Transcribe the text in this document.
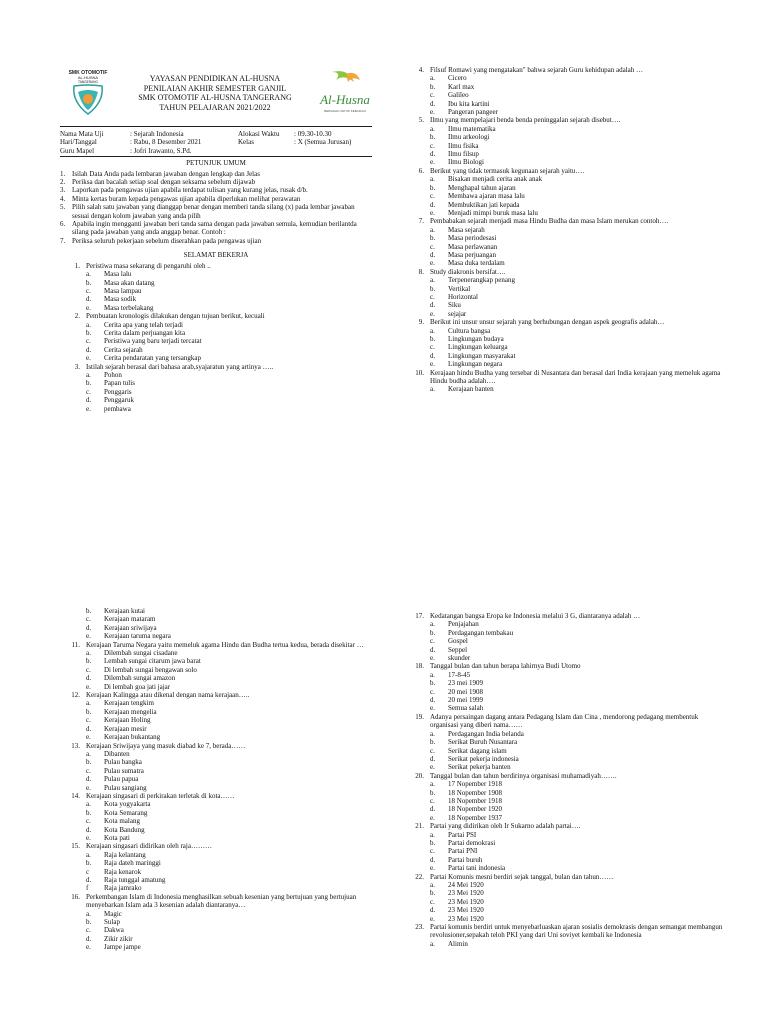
SMK OTOMOTIF
AL-HUSNA
TANGERANG	YAYASAN PENDIDIKAN AL-HUSNA
PENILAIAN AKHIR SEMESTER GANJIL
SMK OTOMOTIF AL-HUSNA TANGERANG
TAHUN PELAJARAN 2021/2022
Al-Husna
BERSAMA UNTUK KEBAIKAN
Nama Mata Uji	: Sejarah Indonesia	Alokasi Waktu	: 09.30-10.30
Hari/Tanggal	: Rabu, 8 Desember 2021	Kelas	: X (Semua Jurusan)
Guru Mapel	: Jofri Irawanto, S.Pd.
PETUNJUK UMUM
1. Isilah Data Anda pada lembaran jawaban dengan lengkap dan Jelas
2. Periksa dan bacalah setiap soal dengan seksama sebelum dijawab
3. Laporkan pada pengawas ujian apabila terdapat tulisan yang kurang jelas, rusak d/b.
4. Minta kertas buram kepada pengawas ujian apabila diperlukan melihat perawatan
5. Pilih salah satu jawaban yang dianggap benar dengan memberi tanda silang (x) pada lembar jawaban sesuai dengan kolom jawaban yang anda pilih
6. Apabila ingin mengganti jawaban beri tanda sama dengan pada jawaban semula, kemudian berilantda silang pada jawaban yang anda anggap benar. Contoh :
7. Periksa seluruh pekerjaan sebelum diserahkan pada pengawas ujian
SELAMAT BEKERJA
1. Peristiwa masa sekarang di pengaruhi oleh ..
a.	Masa lalu
b.	Masa akan datang
c.	Masa lampau
d.	Masa sodik
e.	Masa terbelakang
2. Pembuatan kronologis dilakukan dengan tujuan berikut, kecuali
a.	Cerita apa yang telah terjadi
b.	Cerita dalam perjuangan kita
c.	Peristiwa yang baru terjadi tercatat
d.	Cerita sejarah
e.	Cerita pendaratan yang tersangkap
3. Istilah sejarah berasal dari bahasa arab,syajaratun yang artinya …..
a.	Pohon
b.	Papan tulis
c.	Penggaris
d.	Penggaruk
e.	pembawa
4. Filsuf Romawi yang mengatakan" bahwa sejarah Guru kehidupan adalah …
a.	Cicero
b.	Karl max
c.	Galileo
d.	Ibu kita kartini
e.	Pangeran pangeer
5. Ilmu yang mempelajari benda benda peninggalan sejarah disebut….
a.	Ilmu matematika
b.	Ilmu arkeologi
c.	Ilmu fisika
d.	Ilmu filsup
e.	Ilmu Biologi
6. Berikut yang tidak termasuk kegunaan sejarah yaitu….
a.	Bisakan menjadi cerita anak anak
b.	Menghapal tahun ajaran
c.	Membawa ajaran masa lalu
d.	Membuktikan jati kepada
e.	Menjadi mimpi buruk masa lalu
7. Pembabakan sejarah menjadi masa Hindu Budha dan masa Islam merukan contoh….
a.	Masa sejarah
b.	Masa periodesasi
c.	Masa perlawanan
d.	Masa perjuangan
e.	Masa duka terdalam
8. Study diakronis bersifat….
a.	Terpenerangkap penang
b.	Vertikal
c.	Horizontal
d.	Siku
e.	sejajar
9. Berikut ini unsur unsur sejarah yang berhubungan dengan aspek geografis adalah…
a.	Cultura bangsa
b.	Lingkungan budaya
c.	Lingkungan keluarga
d.	Lingkungan masyarakat
e.	Lingkungan negara
10. Kerajaan hindu Budha yang tersebar di Nusantara dan berasal dari India kerajaan yang memeluk agama Hindu budha adalah….
a.	Kerajaan banten
b.	Kerajaan kutai
c.	Kerajaan mataram
d.	Kerajaan sriwijaya
e.	Kerajaan taruma negara
11. Kerajaan Taruma Negara yaitu memeluk agama Hindu dan Budha tertua kedua, berada disekitar …
a.	Dilembah sungai cisadane
b.	Lembah sungai citarum jawa barat
c.	Di lembah sungai bengawan solo
d.	Dilembah sungai amazon
e.	Di lembah goa jati jajar
12. Kerajaan Kalingga atau dikenal dengan nama kerajaan…..
a.	Kerajaan tengkim
b.	Kerajaan mengelia
c.	Kerajaan Holing
d.	Kerajaan mesir
e.	Kerajaan bukantang
13. Kerajaan Sriwijaya yang masuk diabad ke 7, berada……
a.	Dibanten
b.	Pulau bangka
c.	Pulau sumatra
d.	Pulau papua
e.	Pulau sangiang
14. Kerajaan singasari di perkirakan terletak di kota……
a.	Kota yogyakarta
b.	Kota Semarang
c.	Kota malang
d.	Kota Bandung
e.	Kota pati
15. Kerajaan singasari didirikan oleh raja………
a.	Raja kelantang
b.	Raja dateh maringgi
c	Raja kenarok
d.	Raja tunggal amatung
f	Raja jamrako
16. Perkembangan Islam di Indonesia menghasilkan sebuah kesenian yang bertujuan yang bertujuan menyebarkan Islam ada 3 kesenian adalah diantaranya…
a.	Magic
b.	Sulap
c.	Dakwa
d.	Zikir zikir
e.	Jampe jampe
17. Kedatangan bangsa Eropa ke Indonesia melalui 3 G, diantaranya adalah …
a.	Penjajahan
b.	Perdagangan tembakau
c.	Gospel
d.	Seppel
e.	skunder
18. Tanggal bulan dan tahun berapa lahirnya Budi Utomo
a.	17-8-45
b.	23 mei 1909
c.	20 mei 1908
d.	20 mei 1999
e.	Semua salah
19. Adanya persaingan dagang antara Pedagang Islam dan Cina , mendorong pedagang membentuk organisasi yang diberi nama……
a.	Perdagangan India belanda
b.	Serikat Buruh Nusantara
c.	Serikat dagang islam
d.	Serikat pekerja indonesia
e.	Serikat pekerja banten
20. Tanggal bulan dan tahun berdirinya organisasi muhamadiyah…….
a.	17 Nopember 1918
b.	18 Nopember 1908
c.	18 Nopember 1918
d.	18 Nopember 1920
e.	18 Nopember 1937
21. Partai yang didirikan oleh Ir Sukarno adalah partai….
a.	Partai PSI
b.	Partai demokrasi
c.	Partai PNI
d.	Partai buruh
e.	Partai tani indonesia
22. Partai Komunis mesni berdiri sejak tanggal, bulan dan tahun……
a.	24 Mei 1920
b.	23 Mei 1920
c.	23 Mei 1920
d.	23 Mei 1920
e.	23 Mei 1920
23. Partai komunis berdiri untuk menyebarluaskan ajaran sosialis demokrasis dengan semangat membangun revolusioner,sepakah teloh PKI yang dari Uni soviyet kembali ke Indonesia
a.	Alimin
